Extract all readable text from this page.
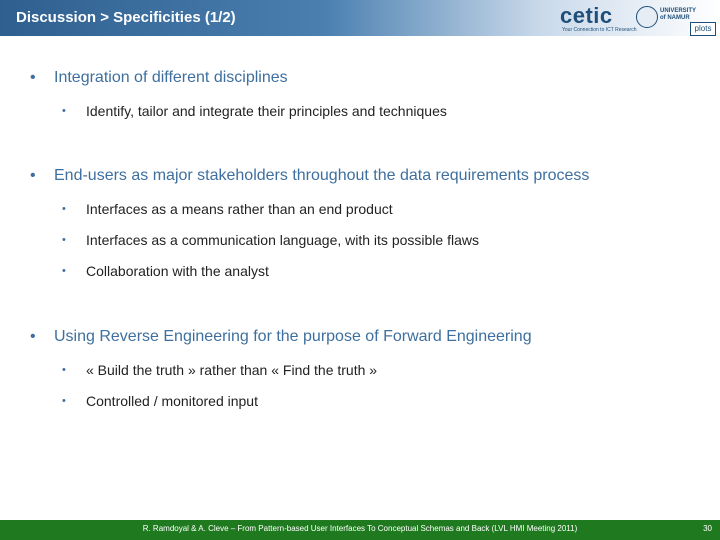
Discussion > Specificities (1/2)	cetic
Your Connection to ICT Research
UNIVERSITY
of NAMUR
plots
• Integration of different disciplines
• Identify, tailor and integrate their principles and techniques
• End-users as major stakeholders throughout the data requirements process
• Interfaces as a means rather than an end product
• Interfaces as a communication language, with its possible flaws
• Collaboration with the analyst
• Using Reverse Engineering for the purpose of Forward Engineering
• « Build the truth » rather than « Find the truth »
• Controlled / monitored input
R. Ramdoyal & A. Cleve – From Pattern-based User Interfaces To Conceptual Schemas and Back (LVL HMI Meeting 2011)	30
